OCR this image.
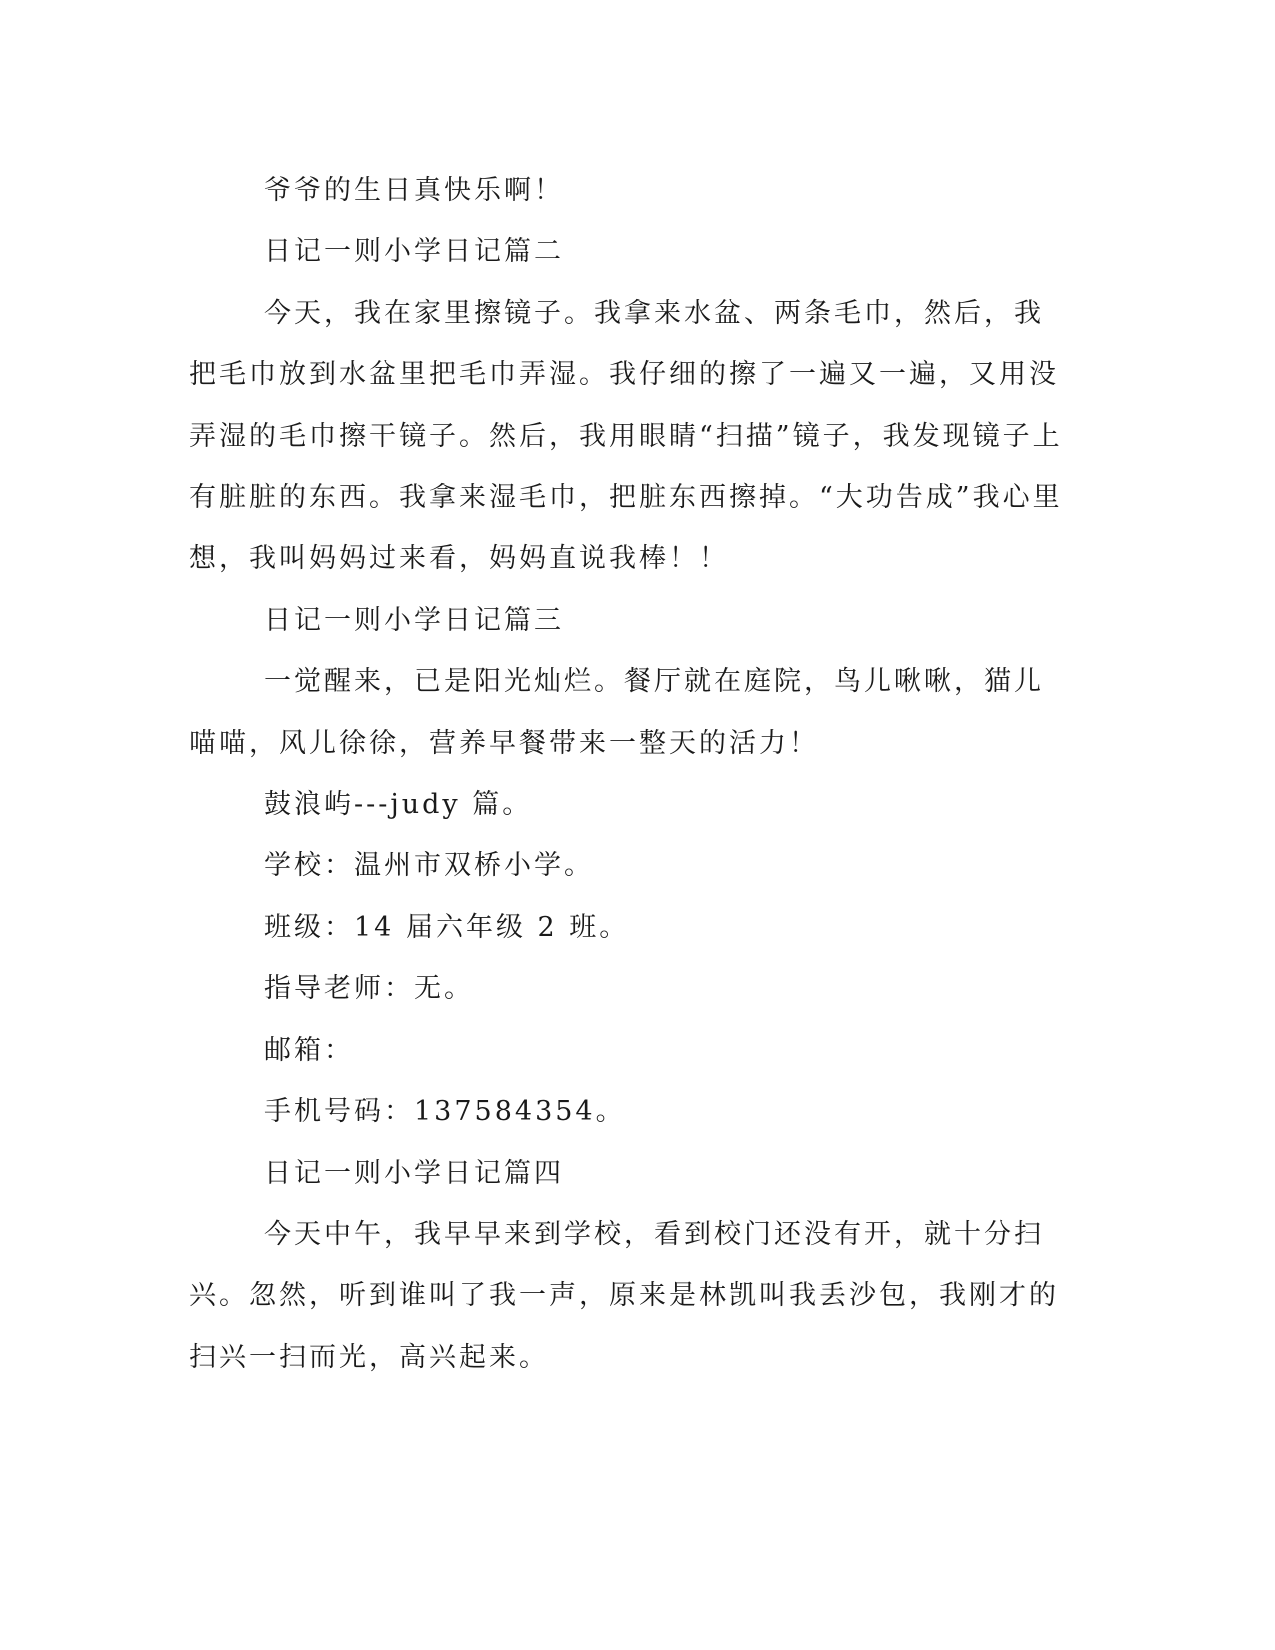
爷爷的生日真快乐啊！

日记一则小学日记篇二

今天，我在家里擦镜子。我拿来水盆、两条毛巾，然后，我把毛巾放到水盆里把毛巾弄湿。我仔细的擦了一遍又一遍，又用没弄湿的毛巾擦干镜子。然后，我用眼睛“扫描”镜子，我发现镜子上有脏脏的东西。我拿来湿毛巾，把脏东西擦掉。“大功告成”我心里想，我叫妈妈过来看，妈妈直说我棒！！

日记一则小学日记篇三

一觉醒来，已是阳光灿烂。餐厅就在庭院，鸟儿啾啾，猫儿喵喵，风儿徐徐，营养早餐带来一整天的活力！

鼓浪屿---judy 篇。

学校：温州市双桥小学。

班级：14 届六年级 2 班。

指导老师：无。

邮箱：

手机号码：137584354。

日记一则小学日记篇四

今天中午，我早早来到学校，看到校门还没有开，就十分扫兴。忽然，听到谁叫了我一声，原来是林凯叫我丢沙包，我刚才的扫兴一扫而光，高兴起来。
